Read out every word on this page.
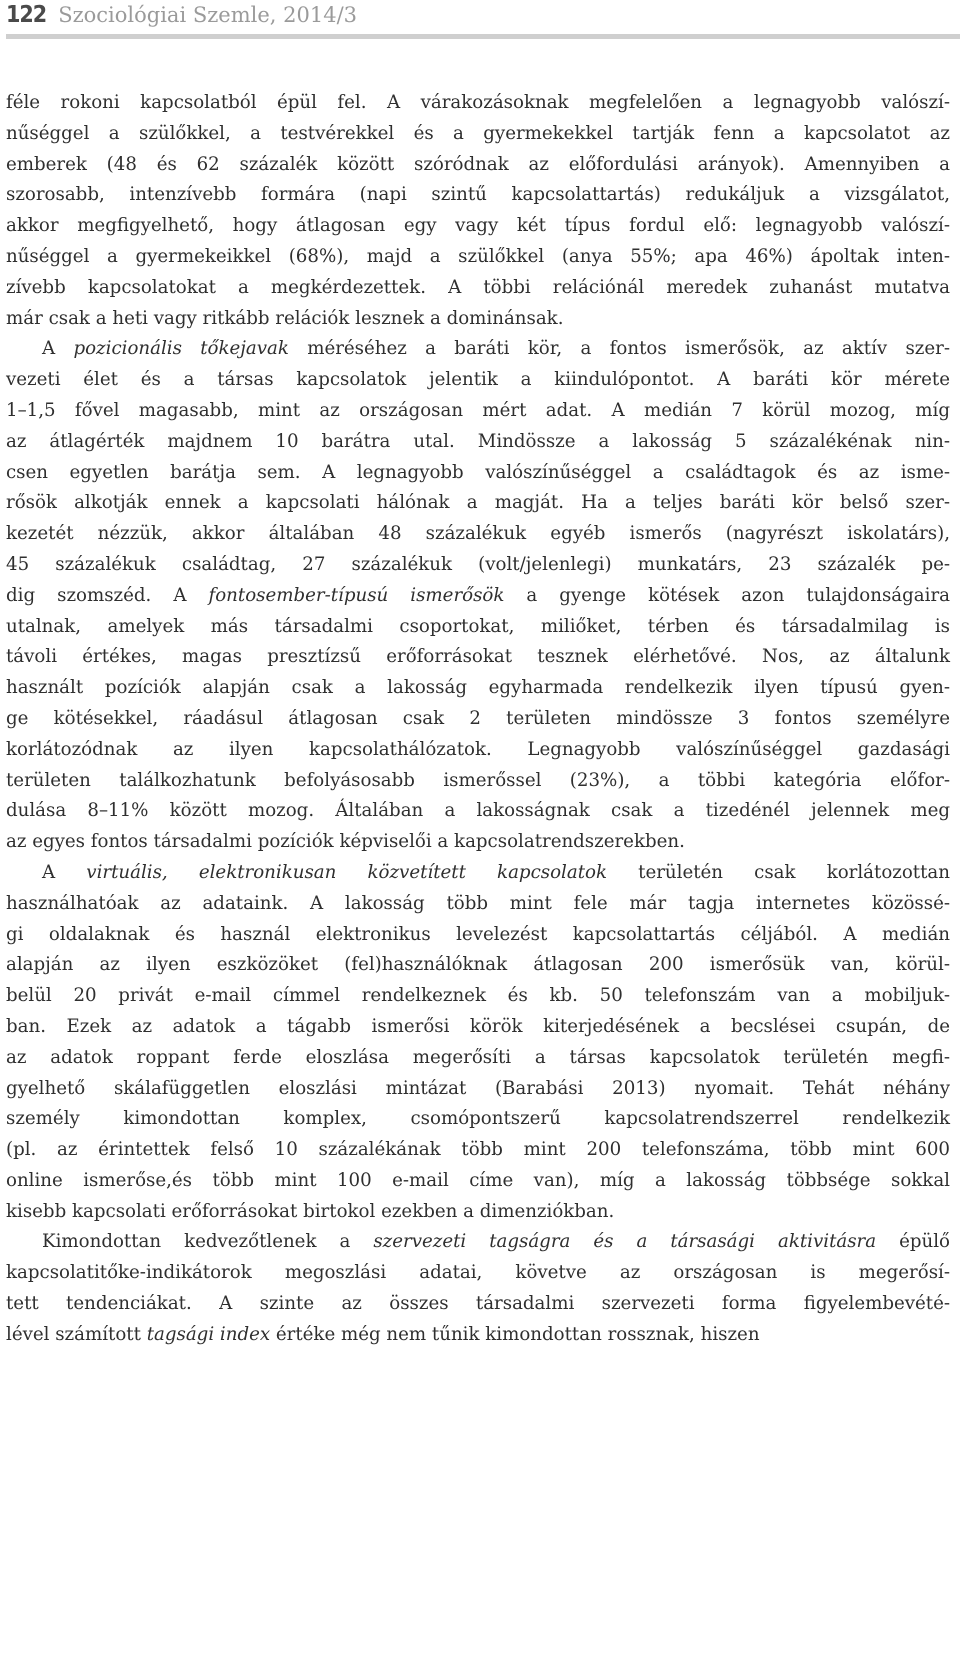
122 Szociológiai Szemle, 2014/3
féle rokoni kapcsolatból épül fel. A várakozásoknak megfelelően a legnagyobb valószí-
nűséggel a szülőkkel, a testvérekkel és a gyermekekkel tartják fenn a kapcsolatot az
emberek (48 és 62 százalék között szóródnak az előfordulási arányok). Amennyiben a
szorosabb, intenzívebb formára (napi szintű kapcsolattartás) redukáljuk a vizsgálatot,
akkor megfigyelhető, hogy átlagosan egy vagy két típus fordul elő: legnagyobb valószí-
nűséggel a gyermekeikkel (68%), majd a szülőkkel (anya 55%; apa 46%) ápoltak inten-
zívebb kapcsolatokat a megkérdezettek. A többi relációnál meredek zuhanást mutatva
már csak a heti vagy ritkább relációk lesznek a dominánsak.
A pozicionális tőkejavak méréséhez a baráti kör, a fontos ismerősök, az aktív szer-
vezeti élet és a társas kapcsolatok jelentik a kiindulópontot. A baráti kör mérete
1–1,5 fővel magasabb, mint az országosan mért adat. A medián 7 körül mozog, míg
az átlagérték majdnem 10 barátra utal. Mindössze a lakosság 5 százalékénak nin-
csen egyetlen barátja sem. A legnagyobb valószínűséggel a családtagok és az isme-
rősök alkotják ennek a kapcsolati hálónak a magját. Ha a teljes baráti kör belső szer-
kezetét nézzük, akkor általában 48 százalékuk egyéb ismerős (nagyrészt iskolatárs),
45 százalékuk családtag, 27 százalékuk (volt/jelenlegi) munkatárs, 23 százalék pe-
dig szomszéd. A fontosember-típusú ismerősök a gyenge kötések azon tulajdonságaira
utalnak, amelyek más társadalmi csoportokat, miliőket, térben és társadalmilag is
távoli értékes, magas presztízsű erőforrásokat tesznek elérhetővé. Nos, az általunk
használt pozíciók alapján csak a lakosság egyharmada rendelkezik ilyen típusú gyen-
ge kötésekkel, ráadásul átlagosan csak 2 területen mindössze 3 fontos személyre
korlátozódnak az ilyen kapcsolathálózatok. Legnagyobb valószínűséggel gazdasági
területen találkozhatunk befolyásosabb ismerőssel (23%), a többi kategória előfor-
dulása 8–11% között mozog. Általában a lakosságnak csak a tizedénél jelennek meg
az egyes fontos társadalmi pozíciók képviselői a kapcsolatrendszerekben.
A virtuális, elektronikusan közvetített kapcsolatok területén csak korlátozottan
használhatóak az adataink. A lakosság több mint fele már tagja internetes közössé-
gi oldalaknak és használ elektronikus levelezést kapcsolattartás céljából. A medián
alapján az ilyen eszközöket (fel)használóknak átlagosan 200 ismerősük van, körül-
belül 20 privát e-mail címmel rendelkeznek és kb. 50 telefonszám van a mobiljuk-
ban. Ezek az adatok a tágabb ismerősi körök kiterjedésének a becslései csupán, de
az adatok roppant ferde eloszlása megerősíti a társas kapcsolatok területén megfi-
gyelhető skálafüggetlen eloszlási mintázat (Barabási 2013) nyomait. Tehát néhány
személy kimondottan komplex, csomópontszerű kapcsolatrendszerrel rendelkezik
(pl. az érintettek felső 10 százalékának több mint 200 telefonszáma, több mint 600
online ismerőse,és több mint 100 e-mail címe van), míg a lakosság többsége sokkal
kisebb kapcsolati erőforrásokat birtokol ezekben a dimenziókban.
Kimondottan kedvezőtlenek a szervezeti tagságra és a társasági aktivitásra épülő
kapcsolatitőke-indikátorok megoszlási adatai, követve az országosan is megerősí-
tett tendenciákat. A szinte az összes társadalmi szervezeti forma figyelembevété-
lével számított tagsági index értéke még nem tűnik kimondottan rossznak, hiszen
